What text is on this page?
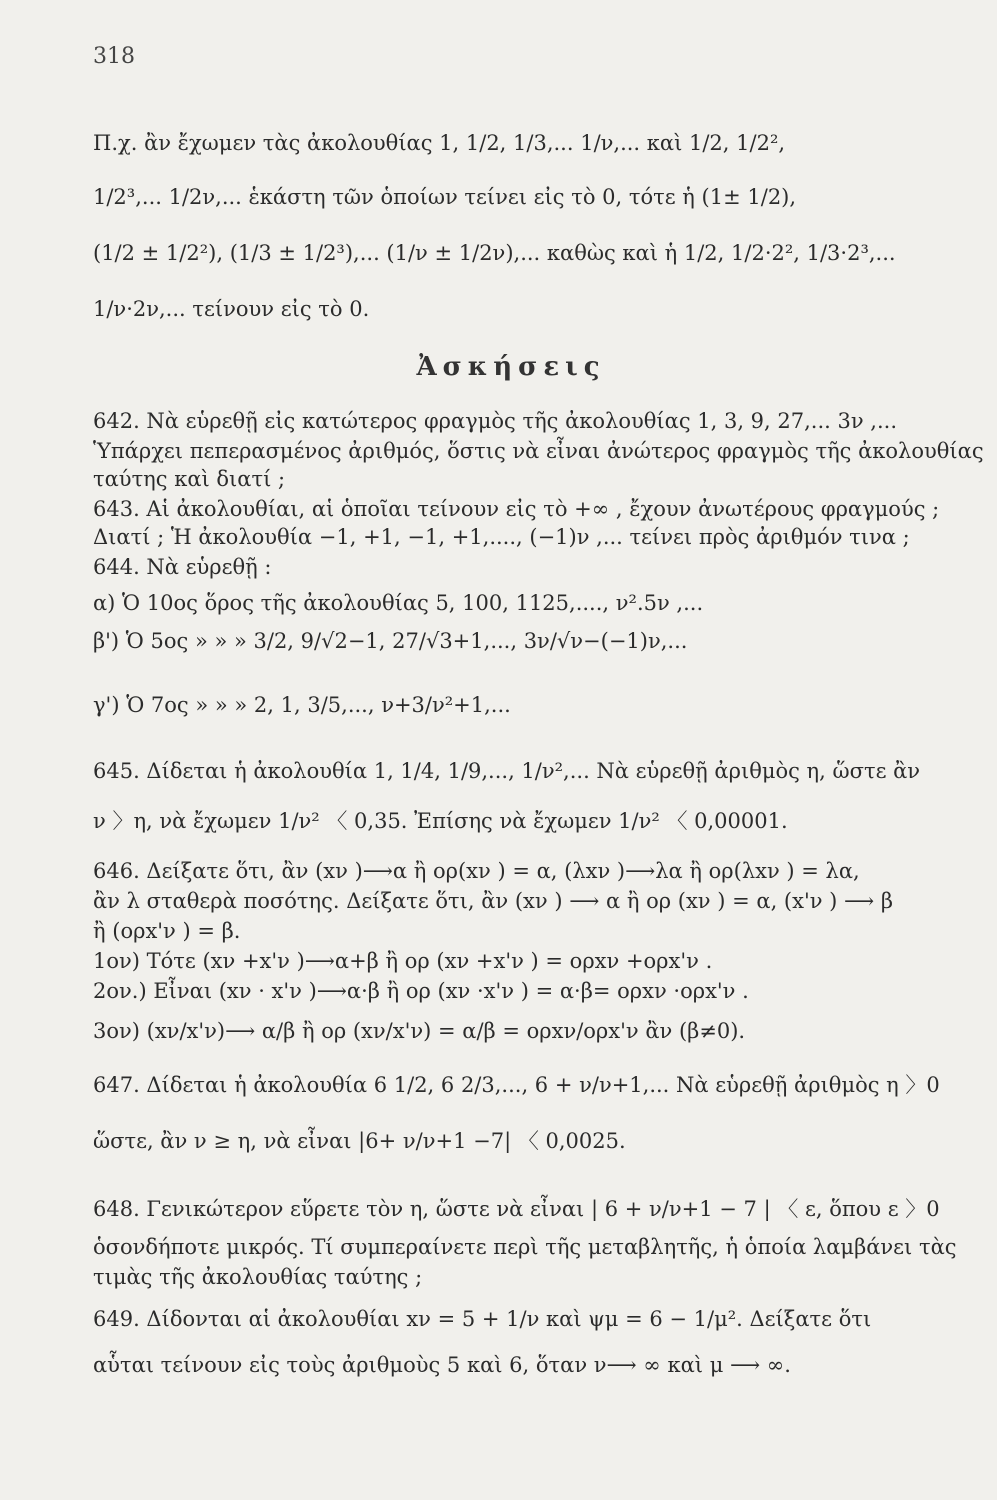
318
Π.χ. ἂν ἔχωμεν τὰς ἀκολουθίας 1, 1/2, 1/3,... 1/ν,... καὶ 1/2, 1/2²,
1/2³,... 1/2ν,... ἑκάστη τῶν ὁποίων τείνει εἰς τὸ 0, τότε ἡ (1± 1/2),
(1/2 ± 1/2²), (1/3 ± 1/2³),... (1/ν ± 1/2ν),... καθὼς καὶ ἡ 1/2, 1/2·2², 1/3·2³,...
1/ν·2ν,... τείνουν εἰς τὸ 0.
Ἀσκήσεις
642. Νὰ εὑρεθῇ εἰς κατώτερος φραγμὸς τῆς ἀκολουθίας 1, 3, 9, 27,... 3ν ,...
Ὑπάρχει πεπερασμένος ἀριθμός, ὅστις νὰ εἶναι ἀνώτερος φραγμὸς τῆς ἀκολουθίας
ταύτης καὶ διατί ;
643. Αἱ ἀκολουθίαι, αἱ ὁποῖαι τείνουν εἰς τὸ +∞ , ἔχουν ἀνωτέρους φραγμούς ;
Διατί ; Ἡ ἀκολουθία −1, +1, −1, +1,...., (−1)ν ,... τείνει πρὸς ἀριθμόν τινα ;
644. Νὰ εὑρεθῇ :
α) Ὁ 10ος ὅρος τῆς ἀκολουθίας 5, 100, 1125,...., ν².5ν ,...
β') Ὁ 5ος » » » 3/2, 9/√2−1, 27/√3+1,..., 3ν/√ν−(−1)ν,...
γ') Ὁ 7ος » » » 2, 1, 3/5,..., ν+3/ν²+1,...
645. Δίδεται ἡ ἀκολουθία 1, 1/4, 1/9,..., 1/ν²,... Νὰ εὑρεθῇ ἀριθμὸς η, ὥστε ἂν
ν 〉η, νὰ ἔχωμεν 1/ν² 〈 0,35. Ἐπίσης νὰ ἔχωμεν 1/ν² 〈 0,00001.
646. Δείξατε ὅτι, ἂν (xν )⟶α ἢ ορ(xν ) = α, (λxν )⟶λα ἢ ορ(λxν ) = λα,
ἂν λ σταθερὰ ποσότης. Δείξατε ὅτι, ἂν (xν ) ⟶ α ἢ ορ (xν ) = α, (x'ν ) ⟶ β
ἢ (ορx'ν ) = β.
1ον) Τότε (xν +x'ν )⟶α+β ἢ ορ (xν +x'ν ) = ορxν +ορx'ν .
2ον.) Εἶναι (xν · x'ν )⟶α·β ἢ ορ (xν ·x'ν ) = α·β= ορxν ·ορx'ν .
3ον) (xν/x'ν)⟶ α/β ἢ ορ (xν/x'ν) = α/β = ορxν/ορx'ν ἂν (β≠0).
647. Δίδεται ἡ ἀκολουθία 6 1/2, 6 2/3,..., 6 + ν/ν+1,... Νὰ εὑρεθῇ ἀριθμὸς η 〉0
ὥστε, ἂν ν ≥ η, νὰ εἶναι |6+ ν/ν+1 −7| 〈 0,0025.
648. Γενικώτερον εὕρετε τὸν η, ὥστε νὰ εἶναι | 6 + ν/ν+1 − 7 | 〈 ε, ὅπου ε 〉0
ὁσονδήποτε μικρός. Τί συμπεραίνετε περὶ τῆς μεταβλητῆς, ἡ ὁποία λαμβάνει τὰς
τιμὰς τῆς ἀκολουθίας ταύτης ;
649. Δίδονται αἱ ἀκολουθίαι xν = 5 + 1/ν καὶ ψμ = 6 − 1/μ². Δείξατε ὅτι
αὗται τείνουν εἰς τοὺς ἀριθμοὺς 5 καὶ 6, ὅταν ν⟶ ∞ καὶ μ ⟶ ∞.
